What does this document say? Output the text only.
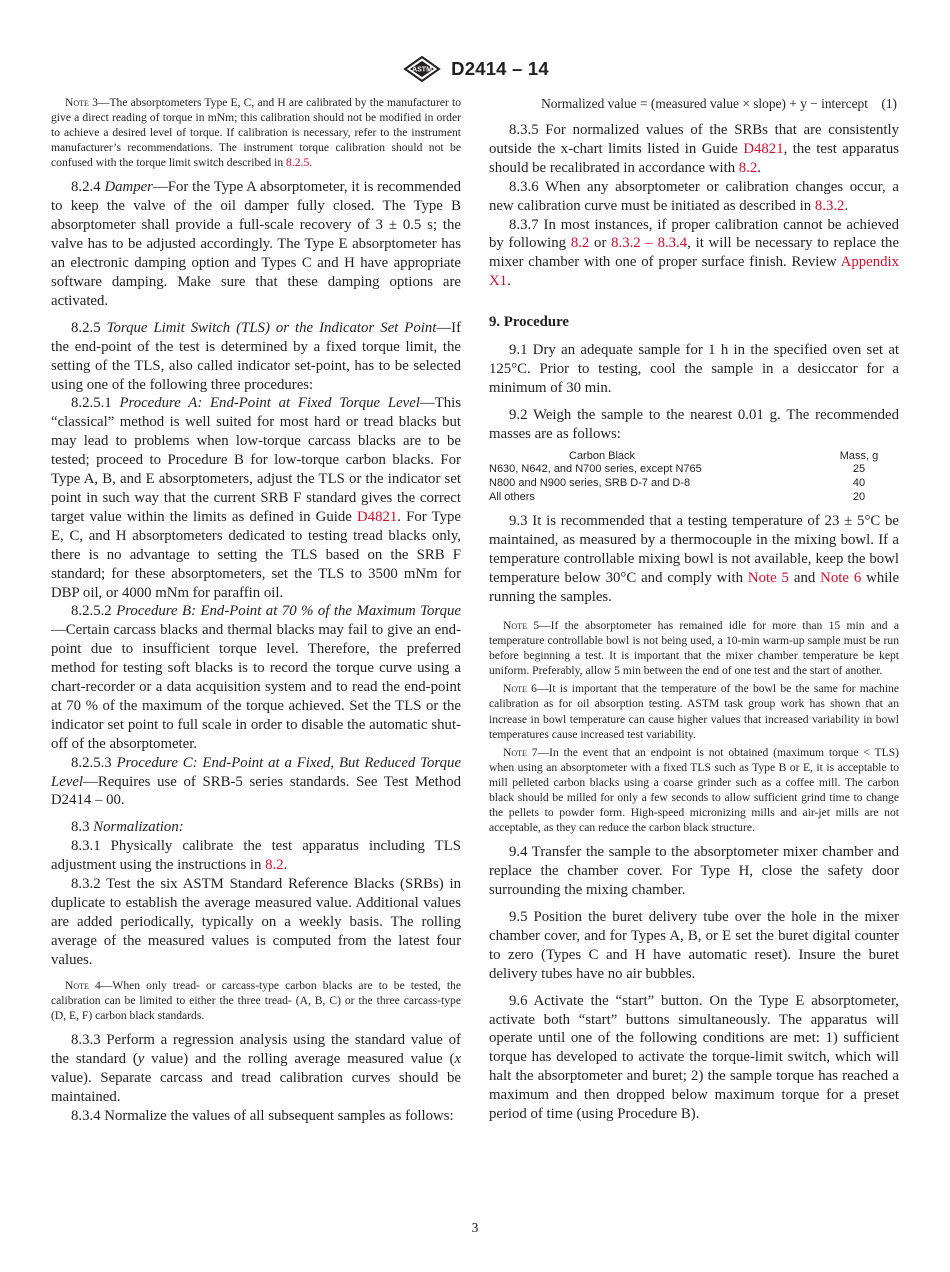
ASTM D2414 – 14

Note 3—The absorptometers Type E, C, and H are calibrated by the manufacturer to give a direct reading of torque in mNm; this calibration should not be modified in order to achieve a desired level of torque. If calibration is necessary, refer to the instrument manufacturer’s recommendations. The instrument torque calibration should not be confused with the torque limit switch described in 8.2.5.

8.2.4 Damper—For the Type A absorptometer, it is recommended to keep the valve of the oil damper fully closed. The Type B absorptometer shall provide a full-scale recovery of 3 ± 0.5 s; the valve has to be adjusted accordingly. The Type E absorptometer has an electronic damping option and Types C and H have appropriate software damping. Make sure that these damping options are activated.

8.2.5 Torque Limit Switch (TLS) or the Indicator Set Point—If the end-point of the test is determined by a fixed torque limit, the setting of the TLS, also called indicator set-point, has to be selected using one of the following three procedures:

8.2.5.1 Procedure A: End-Point at Fixed Torque Level—This “classical” method is well suited for most hard or tread blacks but may lead to problems when low-torque carcass blacks are to be tested; proceed to Procedure B for low-torque carbon blacks. For Type A, B, and E absorptometers, adjust the TLS or the indicator set point in such way that the current SRB F standard gives the correct target value within the limits as defined in Guide D4821. For Type E, C, and H absorptometers dedicated to testing tread blacks only, there is no advantage to setting the TLS based on the SRB F standard; for these absorptometers, set the TLS to 3500 mNm for DBP oil, or 4000 mNm for paraffin oil.

8.2.5.2 Procedure B: End-Point at 70 % of the Maximum Torque—Certain carcass blacks and thermal blacks may fail to give an end-point due to insufficient torque level. Therefore, the preferred method for testing soft blacks is to record the torque curve using a chart-recorder or a data acquisition system and to read the end-point at 70 % of the maximum of the torque achieved. Set the TLS or the indicator set point to full scale in order to disable the automatic shut-off of the absorptometer.

8.2.5.3 Procedure C: End-Point at a Fixed, But Reduced Torque Level—Requires use of SRB-5 series standards. See Test Method D2414 – 00.

8.3 Normalization:

8.3.1 Physically calibrate the test apparatus including TLS adjustment using the instructions in 8.2.

8.3.2 Test the six ASTM Standard Reference Blacks (SRBs) in duplicate to establish the average measured value. Additional values are added periodically, typically on a weekly basis. The rolling average of the measured values is computed from the latest four values.

Note 4—When only tread- or carcass-type carbon blacks are to be tested, the calibration can be limited to either the three tread- (A, B, C) or the three carcass-type (D, E, F) carbon black standards.

8.3.3 Perform a regression analysis using the standard value of the standard (y value) and the rolling average measured value (x value). Separate carcass and tread calibration curves should be maintained.

8.3.4 Normalize the values of all subsequent samples as follows:

Normalized value = (measured value × slope) + y − intercept (1)

8.3.5 For normalized values of the SRBs that are consistently outside the x-chart limits listed in Guide D4821, the test apparatus should be recalibrated in accordance with 8.2.

8.3.6 When any absorptometer or calibration changes occur, a new calibration curve must be initiated as described in 8.3.2.

8.3.7 In most instances, if proper calibration cannot be achieved by following 8.2 or 8.3.2 – 8.3.4, it will be necessary to replace the mixer chamber with one of proper surface finish. Review Appendix X1.

9. Procedure

9.1 Dry an adequate sample for 1 h in the specified oven set at 125°C. Prior to testing, cool the sample in a desiccator for a minimum of 30 min.

9.2 Weigh the sample to the nearest 0.01 g. The recommended masses are as follows:

Carbon Black	Mass, g
N630, N642, and N700 series, except N765	25
N800 and N900 series, SRB D-7 and D-8	40
All others	20

9.3 It is recommended that a testing temperature of 23 ± 5°C be maintained, as measured by a thermocouple in the mixing bowl. If a temperature controllable mixing bowl is not available, keep the bowl temperature below 30°C and comply with Note 5 and Note 6 while running the samples.

Note 5—If the absorptometer has remained idle for more than 15 min and a temperature controllable bowl is not being used, a 10-min warm-up sample must be run before beginning a test. It is important that the mixer chamber temperature be kept uniform. Preferably, allow 5 min between the end of one test and the start of another.

Note 6—It is important that the temperature of the bowl be the same for machine calibration as for oil absorption testing. ASTM task group work has shown that an increase in bowl temperature can cause higher values that increased variability in bowl temperatures cause increased test variability.

Note 7—In the event that an endpoint is not obtained (maximum torque < TLS) when using an absorptometer with a fixed TLS such as Type B or E, it is acceptable to mill pelleted carbon blacks using a coarse grinder such as a coffee mill. The carbon black should be milled for only a few seconds to allow sufficient grind time to change the pellets to powder form. High-speed micronizing mills and air-jet mills are not acceptable, as they can reduce the carbon black structure.

9.4 Transfer the sample to the absorptometer mixer chamber and replace the chamber cover. For Type H, close the safety door surrounding the mixing chamber.

9.5 Position the buret delivery tube over the hole in the mixer chamber cover, and for Types A, B, or E set the buret digital counter to zero (Types C and H have automatic reset). Insure the buret delivery tubes have no air bubbles.

9.6 Activate the “start” button. On the Type E absorptometer, activate both “start” buttons simultaneously. The apparatus will operate until one of the following conditions are met: 1) sufficient torque has developed to activate the torque-limit switch, which will halt the absorptometer and buret; 2) the sample torque has reached a maximum and then dropped below maximum torque for a preset period of time (using Procedure B).

3
